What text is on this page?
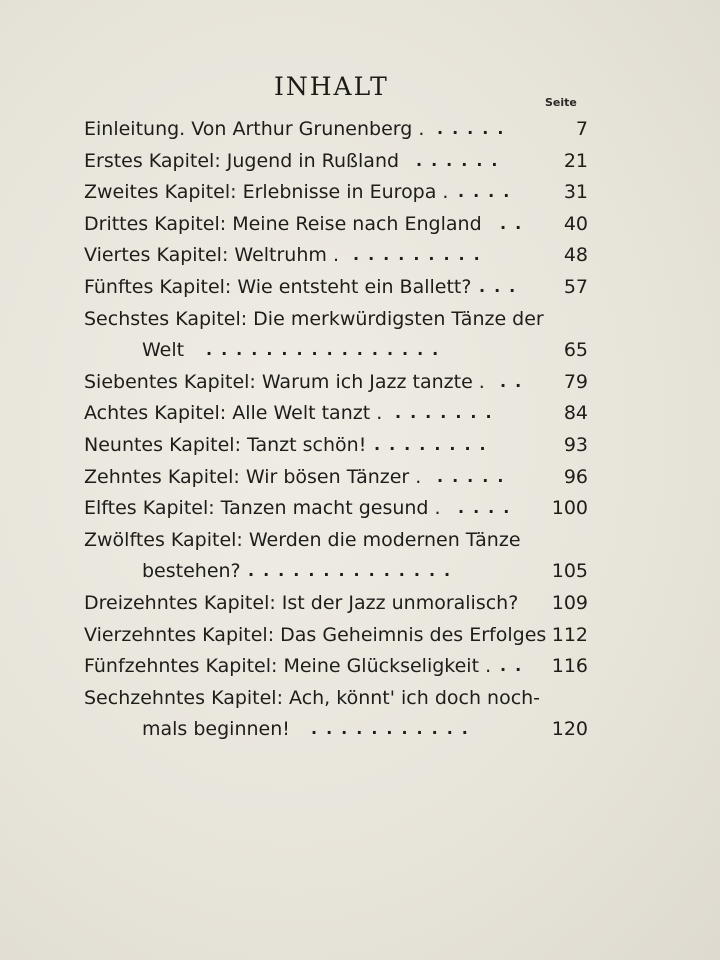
INHALT
Seite
Einleitung. Von Arthur Grunenberg . .....	7
Erstes Kapitel: Jugend in Rußland ......	21
Zweites Kapitel: Erlebnisse in Europa . ....	31
Drittes Kapitel: Meine Reise nach England ..	40
Viertes Kapitel: Weltruhm . .........	48
Fünftes Kapitel: Wie entsteht ein Ballett? ...	57
Sechstes Kapitel: Die merkwürdigsten Tänze der
Welt ................	65
Siebentes Kapitel: Warum ich Jazz tanzte . ..	79
Achtes Kapitel: Alle Welt tanzt . .......	84
Neuntes Kapitel: Tanzt schön! ........	93
Zehntes Kapitel: Wir bösen Tänzer . .....	96
Elftes Kapitel: Tanzen macht gesund . ....	100
Zwölftes Kapitel: Werden die modernen Tänze
bestehen? ..............	105
Dreizehntes Kapitel: Ist der Jazz unmoralisch?	109
Vierzehntes Kapitel: Das Geheimnis des Erfolges 112
Fünfzehntes Kapitel: Meine Glückseligkeit . ..	116
Sechzehntes Kapitel: Ach, könnt' ich doch noch-
mals beginnen! ...........	120
